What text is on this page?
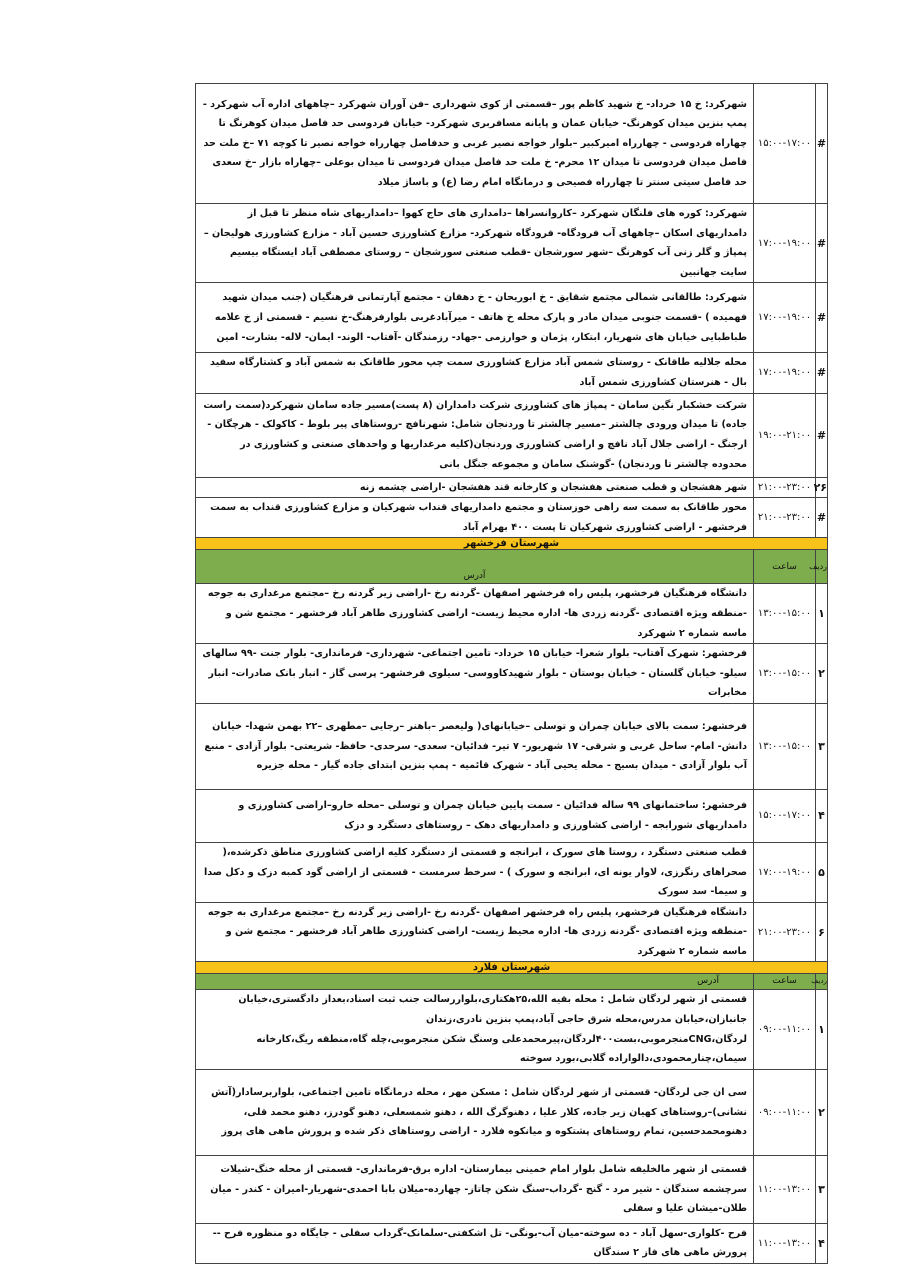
#	۱۵:۰۰-۱۷:۰۰	شهرکرد: خ ۱۵ خرداد- خ شهید کاظم پور –قسمتی از کوی شهرداری –فن آوران شهرکرد –چاههای اداره آب شهرکرد - پمپ بنزین میدان کوهرنگ- خیابان عمان و پایانه مسافربری شهرکرد- خیابان فردوسی حد فاصل میدان کوهرنگ تا چهاراه فردوسی - چهارراه امیرکبیر –بلوار خواجه نصیر غربی و حدفاصل چهارراه خواجه نصیر تا کوچه ۷۱ –خ ملت حد فاصل میدان فردوسی تا میدان ۱۲ محرم- خ ملت حد فاصل میدان فردوسی تا میدان بوعلی –چهاراه بازار –خ سعدی حد فاصل سیتی سنتر تا چهارراه فصیحی و درمانگاه امام رضا (ع) و باساژ میلاد
#	۱۷:۰۰-۱۹:۰۰	شهرکرد: کوره های فلنگان شهرکرد –کاروانسراها –دامداری های حاج کهوا –دامداریهای شاه منظر تا قبل از دامداریهای اسکان –چاههای آب فرودگاه- فرودگاه شهرکرد- مزارع کشاورزی حسین آباد - مزارع کشاورزی هولیجان –پمپاژ و گلر زنی آب کوهرنگ –شهر سورشجان -قطب صنعتی سورشجان – روستای مصطفی آباد ایستگاه بیسیم سایت جهانبین
#	۱۷:۰۰-۱۹:۰۰	شهرکرد: طالقانی شمالی مجتمع شقایق - خ ابوریحان - خ دهقان - مجتمع آپارتمانی فرهنگیان (جنب میدان شهید فهمیده ) -قسمت جنوبی میدان مادر و پارک محله خ هاتف - میرآبادغربی بلوارفرهنگ-خ نسیم - قسمتی از خ علامه طباطبایی خیابان های شهریار، ابتکار، پژمان و خوارزمی -جهاد- رزمندگان -آفتاب- الوند- ایمان- لاله- بشارت- امین
#	۱۷:۰۰-۱۹:۰۰	محله جلالیه طاقانک - روستای شمس آباد مزارع کشاورزی سمت چپ محور طاقانک به شمس آباد و کشتارگاه سفید بال - هنرستان کشاورزی شمس آباد
#	۱۹:۰۰-۲۱:۰۰	شرکت خشکبار نگین سامان - پمپاژ های کشاورزی شرکت دامداران (۸ پست)مسیر جاده سامان شهرکرد(سمت راست جاده) تا میدان ورودی چالشتر –مسیر چالشتر تا وردنجان شامل: شهرنافچ -روستاهای پیر بلوط - کاکولک - هرچگان - ارجنگ - اراضی جلال آباد نافچ و اراضی کشاورزی وردنجان(کلیه مرغداریها و واحدهای صنعتی و کشاورزی در محدوده چالشتر تا وردنجان) -گوشنک سامان و مجموعه جنگل بانی
۲۶	۲۱:۰۰-۲۳:۰۰	شهر هفشجان و قطب صنعتی هفشجان و کارخانه قند هفشجان -اراضی چشمه زنه
#	۲۱:۰۰-۲۳:۰۰	محور طاقانک به سمت سه راهی خوزستان و مجتمع دامداریهای قنداب شهرکیان و مزارع کشاورزی قنداب به سمت فرخشهر - اراضی کشاورزی شهرکیان تا پست ۴۰۰ بهرام آباد
شهرستان فرخشهر		
ردیف	ساعت	آدرس
۱	۱۳:۰۰-۱۵:۰۰	دانشگاه فرهنگیان فرخشهر، پلیس راه فرخشهر اصفهان -گردنه رخ -اراضی زیر گردنه رخ –مجتمع مرغداری به جوجه -منطقه ویژه اقتصادی -گردنه زردی ها- اداره محیط زیست- اراضی کشاورزی طاهر آباد فرخشهر - مجتمع شن و ماسه شماره ۲ شهرکرد
۲	۱۳:۰۰-۱۵:۰۰	فرخشهر: شهرک آفتاب- بلوار شعرا- خیابان ۱۵ خرداد- تامین اجتماعی- شهرداری- فرمانداری- بلوار جنت -۹۹ سالهای سیلو- خیابان گلستان - خیابان بوستان - بلوار شهیدکاووسی- سیلوی فرخشهر- پرسی گاز - انبار بانک صادرات- انبار مخابرات
۳	۱۳:۰۰-۱۵:۰۰	فرخشهر: سمت بالای خیابان چمران و توسلی –خیابانهای( ولیعصر –باهنر –رجایی –مطهری –۲۲ بهمن شهدا- خیابان دانش- امام- ساحل غربی و شرقی- ۱۷ شهریور- ۷ تیر- فدائیان- سعدی- سرحدی- حافظ- شریعتی- بلوار آزادی - منبع آب بلوار آزادی - میدان بسیج - محله یحیی آباد - شهرک قائمیه - پمپ بنزین ابتدای جاده گیار - محله جزیره
۴	۱۵:۰۰-۱۷:۰۰	فرخشهر: ساختمانهای ۹۹ ساله فدائیان - سمت پایین خیابان چمران و توسلی –محله خارو–اراضی کشاورزی و دامداریهای شورابجه - اراضی کشاورزی و دامداریهای دهک – روستاهای دستگرد و دزک
۵	۱۷:۰۰-۱۹:۰۰	قطب صنعتی دستگرد ، روستا های سورک ، ابرانجه و قسمتی از دستگرد کلیه اراضی کشاورزی مناطق ذکرشده،( صحراهای رنگرزی، لاوار یونه ای، ابرانجه و سورک ) - سرخط سرمست - قسمتی از اراضی گود کمبه دزک و دکل صدا و سیما- سد سورک
۶	۲۱:۰۰-۲۳:۰۰	دانشگاه فرهنگیان فرخشهر، پلیس راه فرخشهر اصفهان -گردنه رخ -اراضی زیر گردنه رخ –مجتمع مرغداری به جوجه -منطقه ویژه اقتصادی -گردنه زردی ها- اداره محیط زیست- اراضی کشاورزی طاهر آباد فرخشهر - مجتمع شن و ماسه شماره ۲ شهرکرد
شهرستان فلارد		
ردیف	ساعت	آدرس
۱	۰۹:۰۰-۱۱:۰۰	قسمتی از شهر لردگان شامل : محله بقیه الله،۲۵هکتاری،بلواررسالت جنب ثبت اسناد،بعداز دادگستری،خیابان جانبازان،خیابان مدرس،محله شرق حاجی آباد،پمپ بنزین نادری،زندان لردگان،CNGمنجرموبی،بست۴۰۰لردگان،پیرمحمدعلی وسنگ شکن منجرموبی،چله گاه،منطقه ریگ،کارخانه سیمان،چنارمحمودی،دالواراده گلابی،بورد سوخته
۲	۰۹:۰۰-۱۱:۰۰	سی ان جی لردگان- قسمتی از شهر لردگان شامل : مسکن مهر ، محله درمانگاه تامین اجتماعی، بلواربرسادار(آتش نشانی)–روستاهای کهیان زیر جاده، کلار علیا ، دهنوگرگ الله ، دهنو شمسعلی، دهنو گودرز، دهنو محمد قلی، دهنومحمدحسین، تمام روستاهای پشتکوه و میانکوه فلارد - اراضی روستاهای ذکر شده و پرورش ماهی های پروز
۳	۱۱:۰۰-۱۳:۰۰	قسمتی از شهر مالخلیفه شامل بلوار امام خمینی بیمارستان- اداره برق-فرمانداری- قسمتی از محله خنگ-شیلات سرچشمه سندگان - شیر مرد - گنج -گرداب-سنگ شکن چاتاز- چهارده-میلان بابا احمدی-شهریار-امیران - کندر - میان طلان-میشان علیا و سفلی
۴	۱۱:۰۰-۱۳:۰۰	فرح -کلواری-سهل آباد - ده سوخته-میان آب-بونگی- تل اشکفتی-سلمانک-گرداب سفلی - جایگاه دو منظوره فرح -- پرورش ماهی های فاز ۲ سندگان
